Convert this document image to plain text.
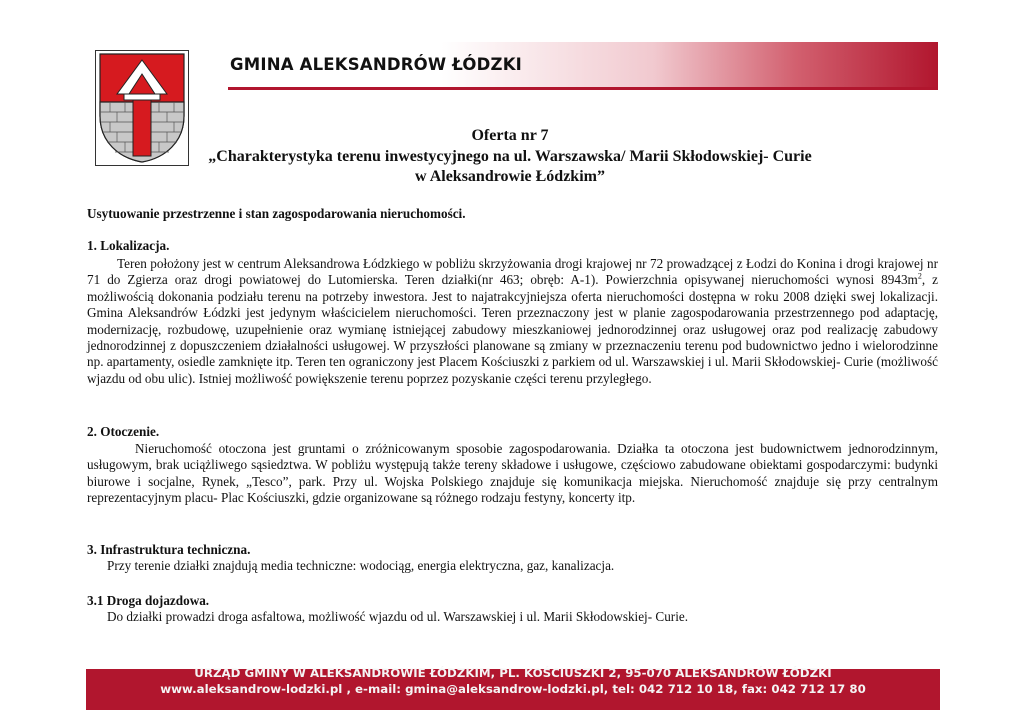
GMINA ALEKSANDRÓW ŁÓDZKI
Oferta nr 7
„Charakterystyka terenu inwestycyjnego na ul. Warszawska/ Marii Skłodowskiej- Curie
w Aleksandrowie Łódzkim”
Usytuowanie przestrzenne i stan zagospodarowania nieruchomości.
1. Lokalizacja.
Teren położony jest w centrum Aleksandrowa Łódzkiego w pobliżu skrzyżowania drogi krajowej nr 72 prowadzącej z Łodzi do Konina i drogi krajowej nr 71 do Zgierza oraz drogi powiatowej do Lutomierska. Teren działki(nr 463; obręb: A-1). Powierzchnia opisywanej nieruchomości wynosi $8943m^2$, z możliwością dokonania podziału terenu na potrzeby inwestora. Jest to najatrakcyjniejsza oferta nieruchomości dostępna w roku 2008 dzięki swej lokalizacji. Gmina Aleksandrów Łódzki jest jedynym właścicielem nieruchomości. Teren przeznaczony jest w planie zagospodarowania przestrzennego pod adaptację, modernizację, rozbudowę, uzupełnienie oraz wymianę istniejącej zabudowy mieszkaniowej jednorodzinnej oraz usługowej oraz pod realizację zabudowy jednorodzinnej z dopuszczeniem działalności usługowej. W przyszłości planowane są zmiany w przeznaczeniu terenu pod budownictwo jedno i wielorodzinne np. apartamenty, osiedle zamknięte itp. Teren ten ograniczony jest Placem Kościuszki z parkiem od ul. Warszawskiej i ul. Marii Skłodowskiej- Curie (możliwość wjazdu od obu ulic). Istniej możliwość powiększenie terenu poprzez pozyskanie części terenu przyległego.
2. Otoczenie.
Nieruchomość otoczona jest gruntami o zróżnicowanym sposobie zagospodarowania. Działka ta otoczona jest budownictwem jednorodzinnym, usługowym, brak uciążliwego sąsiedztwa. W pobliżu występują także tereny składowe i usługowe, częściowo zabudowane obiektami gospodarczymi: budynki biurowe i socjalne, Rynek, „Tesco”, park. Przy ul. Wojska Polskiego znajduje się komunikacja miejska. Nieruchomość znajduje się przy centralnym reprezentacyjnym placu- Plac Kościuszki, gdzie organizowane są różnego rodzaju festyny, koncerty itp.
3. Infrastruktura techniczna.
Przy terenie działki znajdują media techniczne: wodociąg, energia elektryczna, gaz, kanalizacja.
3.1 Droga dojazdowa.
Do działki prowadzi droga asfaltowa, możliwość wjazdu od ul. Warszawskiej i ul. Marii Skłodowskiej- Curie.
URZĄD GMINY W ALEKSANDROWIE ŁÓDZKIM, PL. KOŚCIUSZKI 2, 95-070 ALEKSANDRÓW ŁÓDZKI
www.aleksandrow-lodzki.pl , e-mail: gmina@aleksandrow-lodzki.pl, tel: 042 712 10 18, fax: 042 712 17 80
